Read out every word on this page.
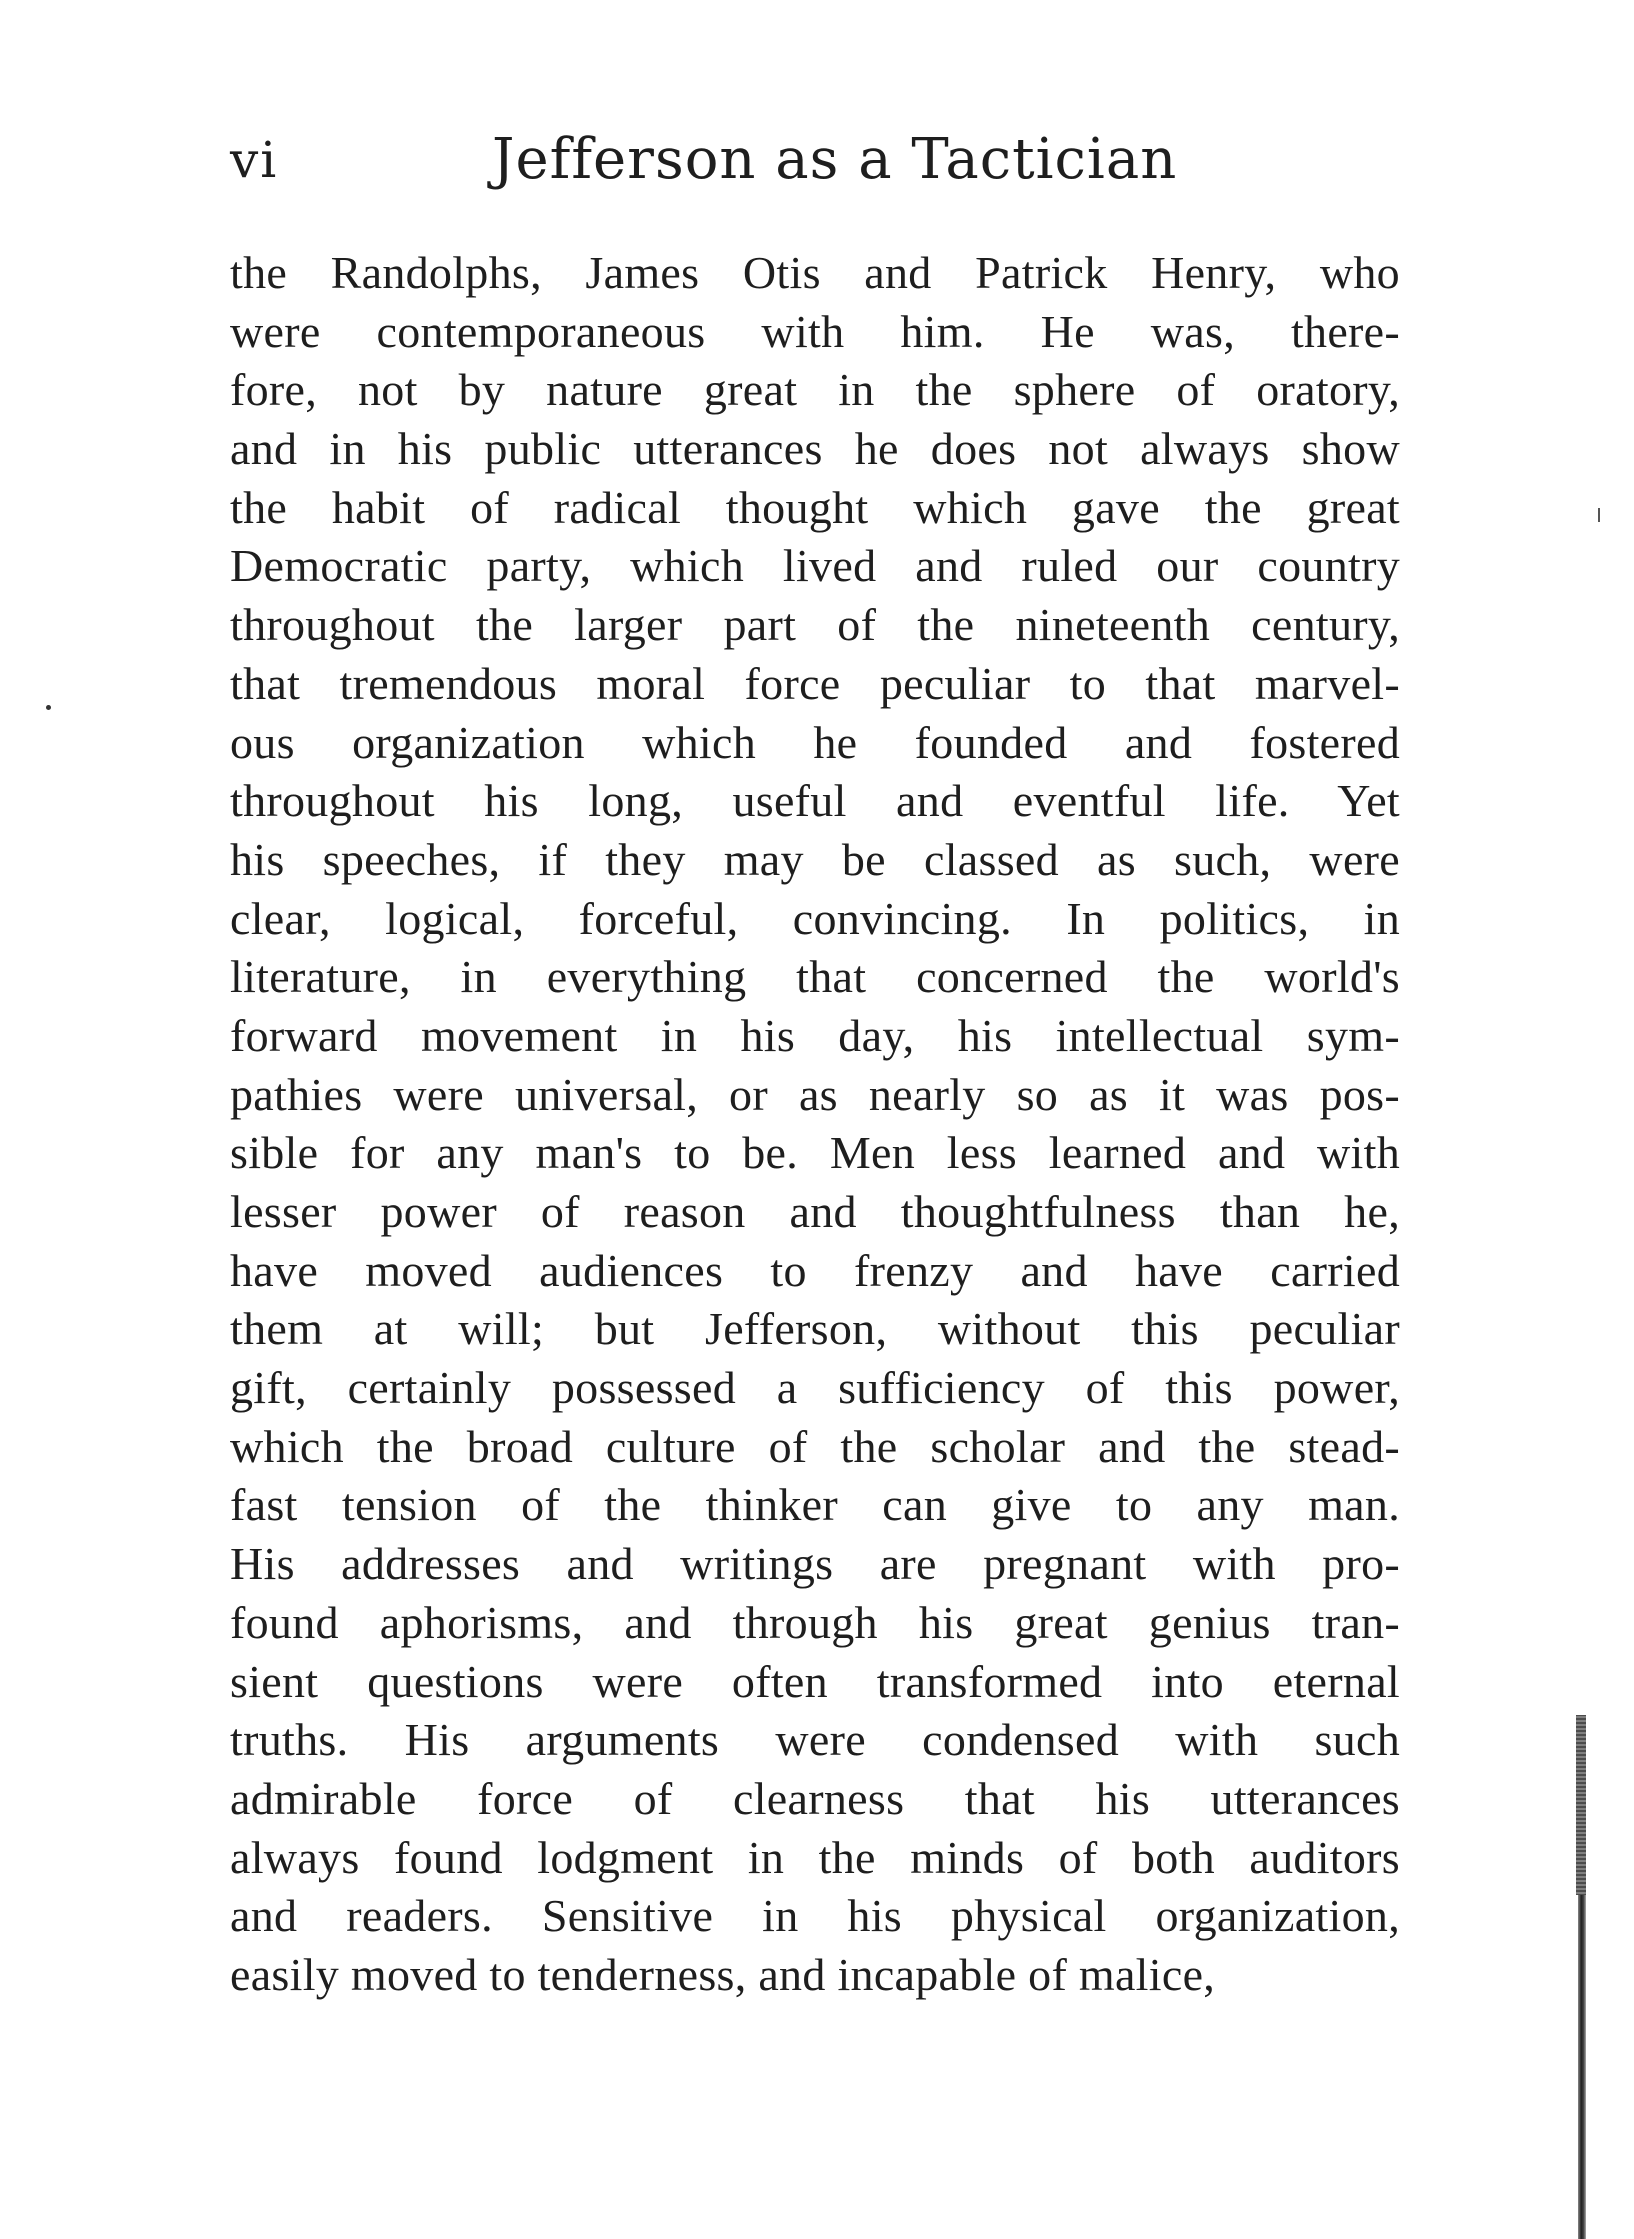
vi	Jefferson as a Tactician
the Randolphs, James Otis and Patrick Henry, who
were contemporaneous with him. He was, there-
fore, not by nature great in the sphere of oratory,
and in his public utterances he does not always show
the habit of radical thought which gave the great
Democratic party, which lived and ruled our country
throughout the larger part of the nineteenth century,
that tremendous moral force peculiar to that marvel-
ous organization which he founded and fostered
throughout his long, useful and eventful life. Yet
his speeches, if they may be classed as such, were
clear, logical, forceful, convincing. In politics, in
literature, in everything that concerned the world's
forward movement in his day, his intellectual sym-
pathies were universal, or as nearly so as it was pos-
sible for any man's to be. Men less learned and with
lesser power of reason and thoughtfulness than he,
have moved audiences to frenzy and have carried
them at will; but Jefferson, without this peculiar
gift, certainly possessed a sufficiency of this power,
which the broad culture of the scholar and the stead-
fast tension of the thinker can give to any man.
His addresses and writings are pregnant with pro-
found aphorisms, and through his great genius tran-
sient questions were often transformed into eternal
truths. His arguments were condensed with such
admirable force of clearness that his utterances
always found lodgment in the minds of both auditors
and readers. Sensitive in his physical organization,
easily moved to tenderness, and incapable of malice,
